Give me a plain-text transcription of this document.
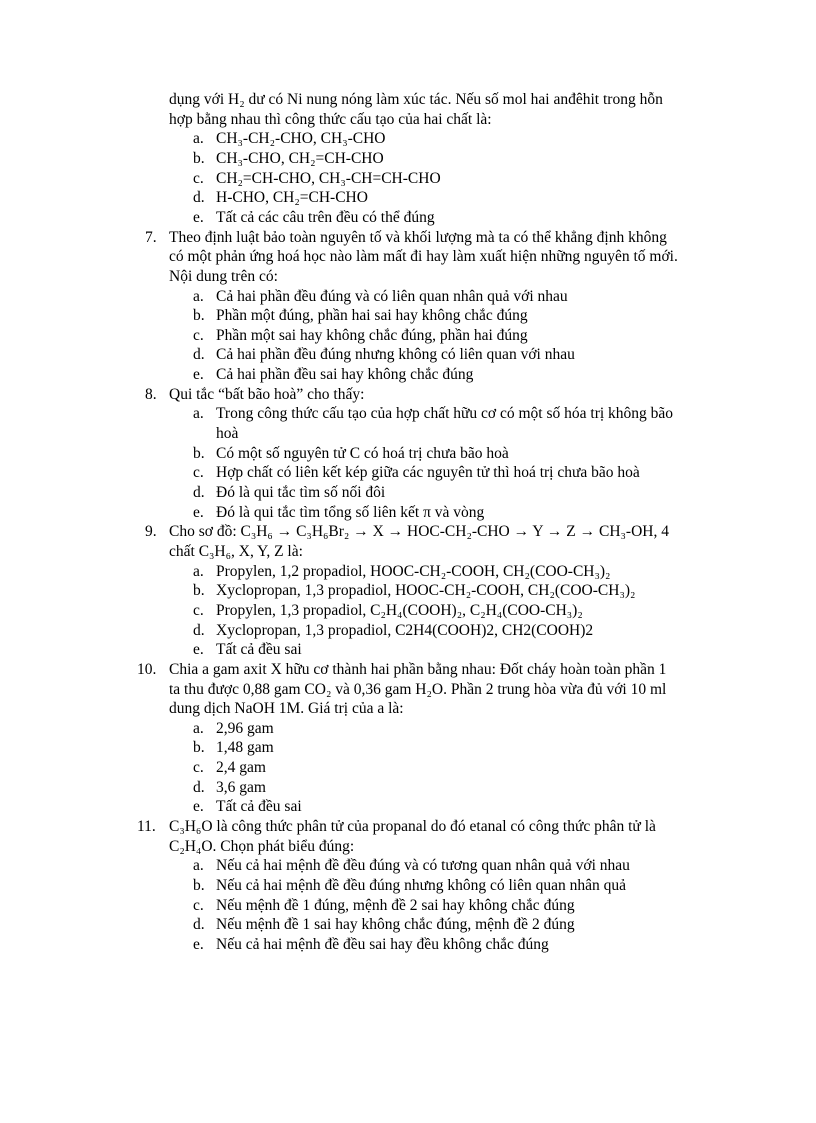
dụng với H₂ dư có Ni nung nóng làm xúc tác. Nếu số mol hai anđêhit trong hỗn
hợp bằng nhau thì công thức cấu tạo của hai chất là:
a. CH₃-CH₂-CHO, CH₃-CHO
b. CH₃-CHO, CH₂=CH-CHO
c. CH₂=CH-CHO, CH₃-CH=CH-CHO
d. H-CHO, CH₂=CH-CHO
e. Tất cả các câu trên đều có thể đúng
7. Theo định luật bảo toàn nguyên tố và khối lượng mà ta có thể khẳng định không
có một phản ứng hoá học nào làm mất đi hay làm xuất hiện những nguyên tố mới.
Nội dung trên có:
a. Cả hai phần đều đúng và có liên quan nhân quả với nhau
b. Phần một đúng, phần hai sai hay không chắc đúng
c. Phần một sai hay không chắc đúng, phần hai đúng
d. Cả hai phần đều đúng nhưng không có liên quan với nhau
e. Cả hai phần đều sai hay không chắc đúng
8. Qui tắc “bất bão hoà” cho thấy:
a. Trong công thức cấu tạo của hợp chất hữu cơ có một số hóa trị không bão
hoà
b. Có một số nguyên tử C có hoá trị chưa bão hoà
c. Hợp chất có liên kết kép giữa các nguyên tử thì hoá trị chưa bão hoà
d. Đó là qui tắc tìm số nối đôi
e. Đó là qui tắc tìm tổng số liên kết π và vòng
9. Cho sơ đồ: C₃H₆ → C₃H₆Br₂ → X → HOC-CH₂-CHO → Y → Z → CH₃-OH, 4
chất C₃H₆, X, Y, Z là:
a. Propylen, 1,2 propadiol, HOOC-CH₂-COOH, CH₂(COO-CH₃)₂
b. Xyclopropan, 1,3 propadiol, HOOC-CH₂-COOH, CH₂(COO-CH₃)₂
c. Propylen, 1,3 propadiol, C₂H₄(COOH)₂, C₂H₄(COO-CH₃)₂
d. Xyclopropan, 1,3 propadiol, C2H4(COOH)2, CH2(COOH)2
e. Tất cả đều sai
10. Chia a gam axit X hữu cơ thành hai phần bằng nhau: Đốt cháy hoàn toàn phần 1
ta thu được 0,88 gam CO₂ và 0,36 gam H₂O. Phần 2 trung hòa vừa đủ với 10 ml
dung dịch NaOH 1M. Giá trị của a là:
a. 2,96 gam
b. 1,48 gam
c. 2,4 gam
d. 3,6 gam
e. Tất cả đều sai
11. C₃H₆O là công thức phân tử của propanal do đó etanal có công thức phân tử là
C₂H₄O. Chọn phát biểu đúng:
a. Nếu cả hai mệnh đề đều đúng và có tương quan nhân quả với nhau
b. Nếu cả hai mệnh đề đều đúng nhưng không có liên quan nhân quả
c. Nếu mệnh đề 1 đúng, mệnh đề 2 sai hay không chắc đúng
d. Nếu mệnh đề 1 sai hay không chắc đúng, mệnh đề 2 đúng
e. Nếu cả hai mệnh đề đều sai hay đều không chắc đúng
